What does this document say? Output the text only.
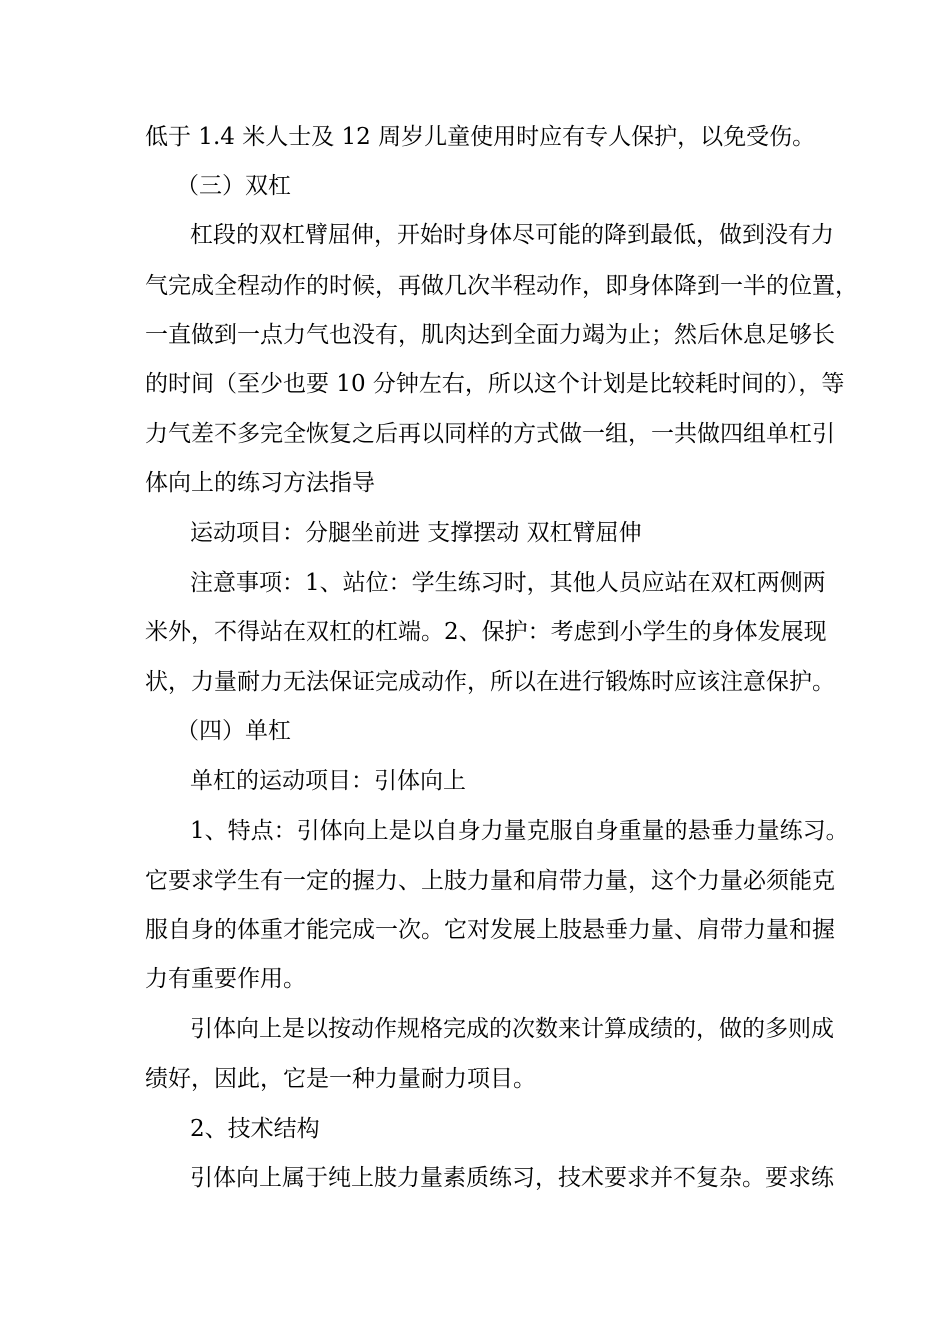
低于 1.4 米人士及 12 周岁儿童使用时应有专人保护，以免受伤。
（三）双杠
杠段的双杠臂屈伸，开始时身体尽可能的降到最低，做到没有力
气完成全程动作的时候，再做几次半程动作，即身体降到一半的位置，
一直做到一点力气也没有，肌肉达到全面力竭为止；然后休息足够长
的时间（至少也要 10 分钟左右，所以这个计划是比较耗时间的），等
力气差不多完全恢复之后再以同样的方式做一组，一共做四组单杠引
体向上的练习方法指导
运动项目：分腿坐前进 支撑摆动 双杠臂屈伸
注意事项：1、站位：学生练习时，其他人员应站在双杠两侧两
米外，不得站在双杠的杠端。2、保护：考虑到小学生的身体发展现
状，力量耐力无法保证完成动作，所以在进行锻炼时应该注意保护。
（四）单杠
单杠的运动项目：引体向上
1、特点：引体向上是以自身力量克服自身重量的悬垂力量练习。
它要求学生有一定的握力、上肢力量和肩带力量，这个力量必须能克
服自身的体重才能完成一次。它对发展上肢悬垂力量、肩带力量和握
力有重要作用。
引体向上是以按动作规格完成的次数来计算成绩的，做的多则成
绩好，因此，它是一种力量耐力项目。
2、技术结构
引体向上属于纯上肢力量素质练习，技术要求并不复杂。要求练
